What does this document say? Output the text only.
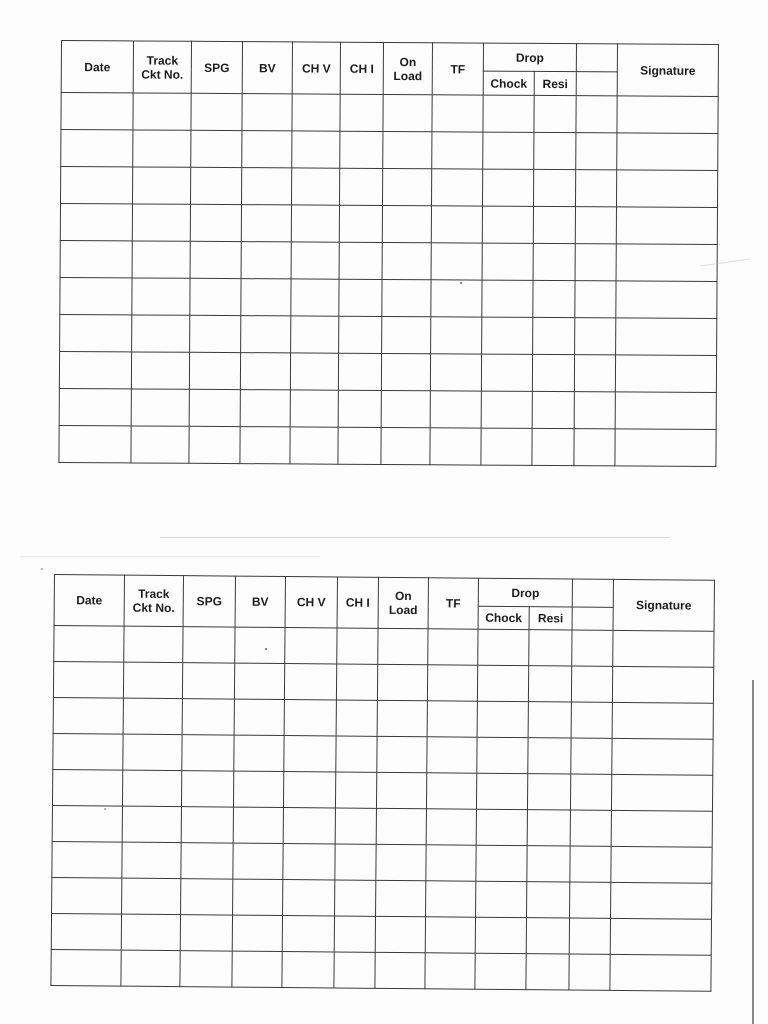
Date	Track Ckt No.	SPG	BV	CH V	CH I	On Load	TF	Drop			Signature
								Chock	Resi		

Date	Track Ckt No.	SPG	BV	CH V	CH I	On Load	TF	Drop			Signature
								Chock	Resi		
